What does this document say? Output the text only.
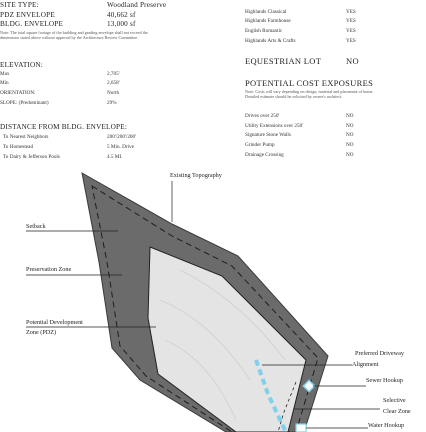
SITE TYPE:	Woodland Preserve
PDZ ENVELOPE	40,662 sf
BLDG. ENVELOPE	13,000 sf
Note: The total square footage of the building and grading envelope shall not exceed the dimensions stated above without approval by the Architecture Review Committee.
ELEVATION:
Max	2,705'
Min	2,658'
ORIENTATION:	North
SLOPE: (Predominant)	29%
DISTANCE FROM BLDG. ENVELOPE:
To Nearest Neighbors	200'/200'/200'
To Homestead	5 Min. Drive
To Dairy & Jefferson Pools	4.5 MI.
Highlands Classical	YES
Highlands Farmhouse	YES
English Romantic	YES
Highlands Arts & Crafts	YES
EQUESTRIAN LOT	NO
POTENTIAL COST EXPOSURES
Note: Costs will vary depending on design, material and placement of home. Detailed estimate should be solicited by owner's architect.
Drives over 250'	NO
Utility Extensions over 250'	NO
Signature Stone Walls	NO
Grinder Pump	NO
Drainage Crossing	NO
Existing Topography
Setback
Preservation Zone
Potential Development
Zone (PDZ)
Preferred Driveway
Alignment
Sewer Hookup
Selective
Clear Zone
Water Hookup
